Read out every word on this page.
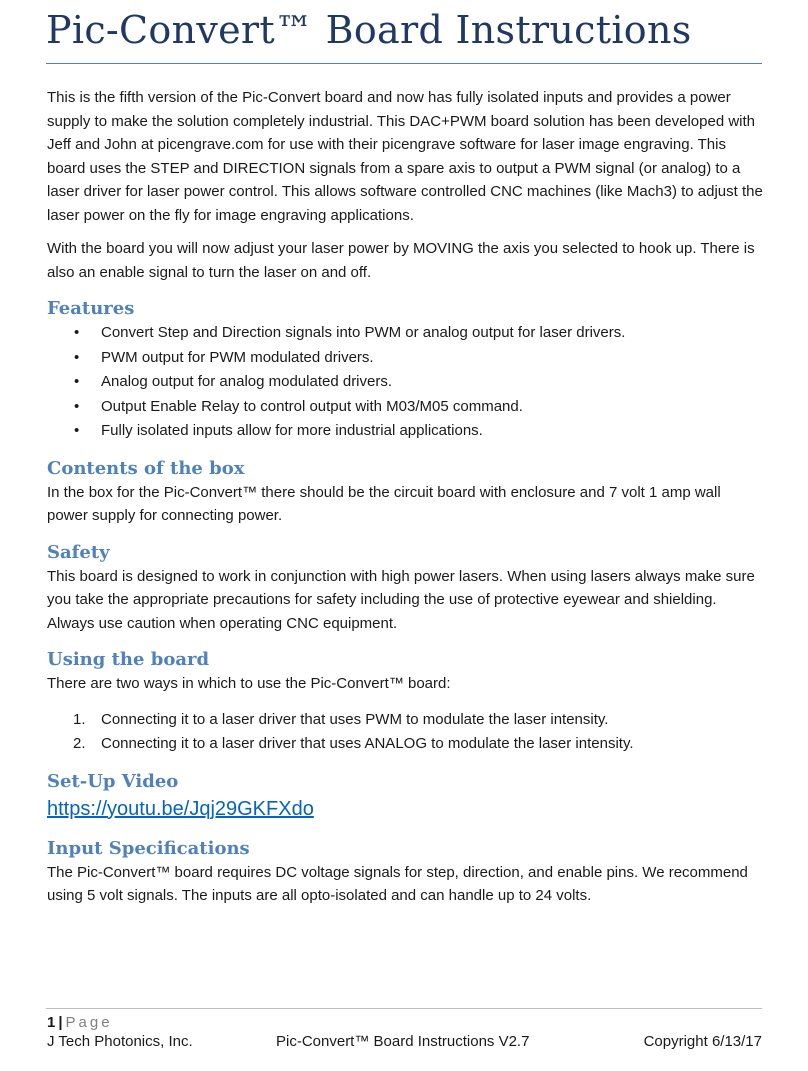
Pic-Convert™ Board Instructions

This is the fifth version of the Pic-Convert board and now has fully isolated inputs and provides a power supply to make the solution completely industrial. This DAC+PWM board solution has been developed with Jeff and John at picengrave.com for use with their picengrave software for laser image engraving. This board uses the STEP and DIRECTION signals from a spare axis to output a PWM signal (or analog) to a laser driver for laser power control. This allows software controlled CNC machines (like Mach3) to adjust the laser power on the fly for image engraving applications.

With the board you will now adjust your laser power by MOVING the axis you selected to hook up. There is also an enable signal to turn the laser on and off.

Features
•	Convert Step and Direction signals into PWM or analog output for laser drivers.
•	PWM output for PWM modulated drivers.
•	Analog output for analog modulated drivers.
•	Output Enable Relay to control output with M03/M05 command.
•	Fully isolated inputs allow for more industrial applications.
Contents of the box

In the box for the Pic-Convert™ there should be the circuit board with enclosure and 7 volt 1 amp wall power supply for connecting power.

Safety

This board is designed to work in conjunction with high power lasers. When using lasers always make sure you take the appropriate precautions for safety including the use of protective eyewear and shielding. Always use caution when operating CNC equipment.

Using the board

There are two ways in which to use the Pic-Convert™ board:

1.	Connecting it to a laser driver that uses PWM to modulate the laser intensity.
2.	Connecting it to a laser driver that uses ANALOG to modulate the laser intensity.
Set-Up Video
https://youtu.be/Jqj29GKFXdo
Input Specifications

The Pic-Convert™ board requires DC voltage signals for step, direction, and enable pins. We recommend using 5 volt signals. The inputs are all opto-isolated and can handle up to 24 volts.

1 | Page
J Tech Photonics, Inc.	Pic-Convert™ Board Instructions V2.7	Copyright 6/13/17
